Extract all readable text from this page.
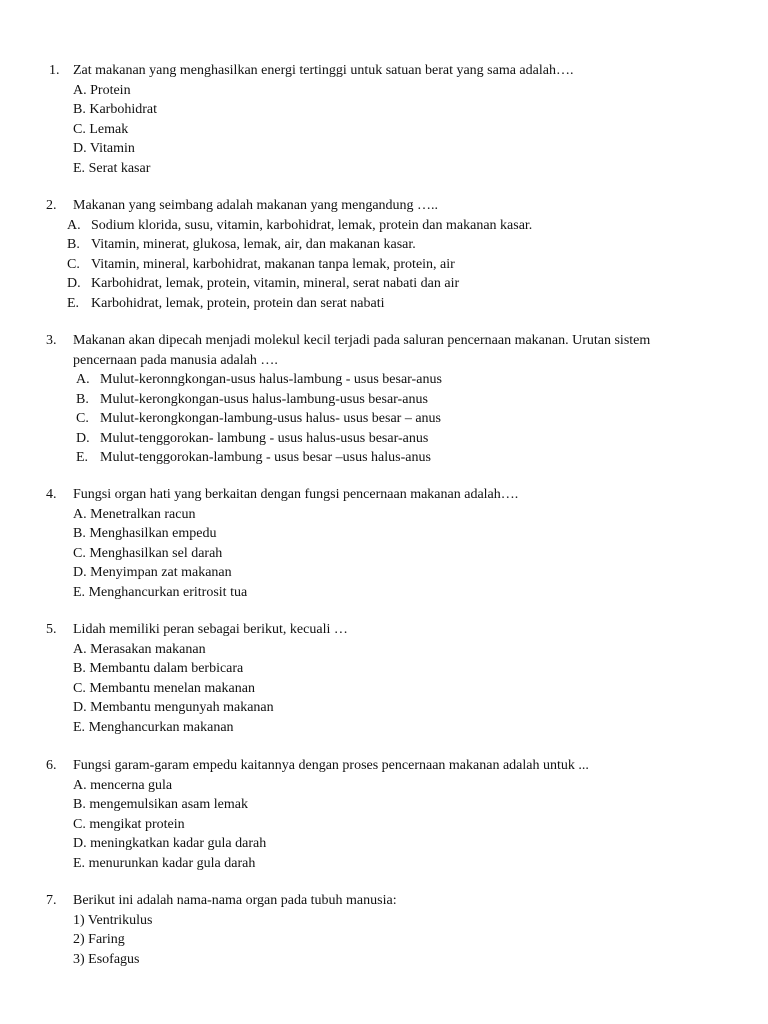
1. Zat makanan yang menghasilkan energi tertinggi untuk satuan berat yang sama adalah….
A. Protein
B. Karbohidrat
C. Lemak
D. Vitamin
E. Serat kasar
2. Makanan yang seimbang adalah makanan yang mengandung …..
A. Sodium klorida, susu, vitamin, karbohidrat, lemak, protein dan makanan kasar.
B. Vitamin, minerat, glukosa, lemak, air, dan makanan kasar.
C. Vitamin, mineral, karbohidrat, makanan tanpa lemak, protein, air
D. Karbohidrat, lemak, protein, vitamin, mineral, serat nabati dan air
E. Karbohidrat, lemak, protein, protein dan serat nabati
3. Makanan akan dipecah menjadi molekul kecil terjadi pada saluran pencernaan makanan. Urutan sistem
pencernaan pada manusia adalah ….
A. Mulut-keronngkongan-usus halus-lambung - usus besar-anus
B. Mulut-kerongkongan-usus halus-lambung-usus besar-anus
C. Mulut-kerongkongan-lambung-usus halus- usus besar – anus
D. Mulut-tenggorokan- lambung - usus halus-usus besar-anus
E. Mulut-tenggorokan-lambung - usus besar –usus halus-anus
4. Fungsi organ hati yang berkaitan dengan fungsi pencernaan makanan adalah….
A. Menetralkan racun
B. Menghasilkan empedu
C. Menghasilkan sel darah
D. Menyimpan zat makanan
E. Menghancurkan eritrosit tua
5. Lidah memiliki peran sebagai berikut, kecuali …
A. Merasakan makanan
B. Membantu dalam berbicara
C. Membantu menelan makanan
D. Membantu mengunyah makanan
E. Menghancurkan makanan
6. Fungsi garam-garam empedu kaitannya dengan proses pencernaan makanan adalah untuk ...
A. mencerna gula
B. mengemulsikan asam lemak
C. mengikat protein
D. meningkatkan kadar gula darah
E. menurunkan kadar gula darah
7. Berikut ini adalah nama-nama organ pada tubuh manusia:
1) Ventrikulus
2) Faring
3) Esofagus
